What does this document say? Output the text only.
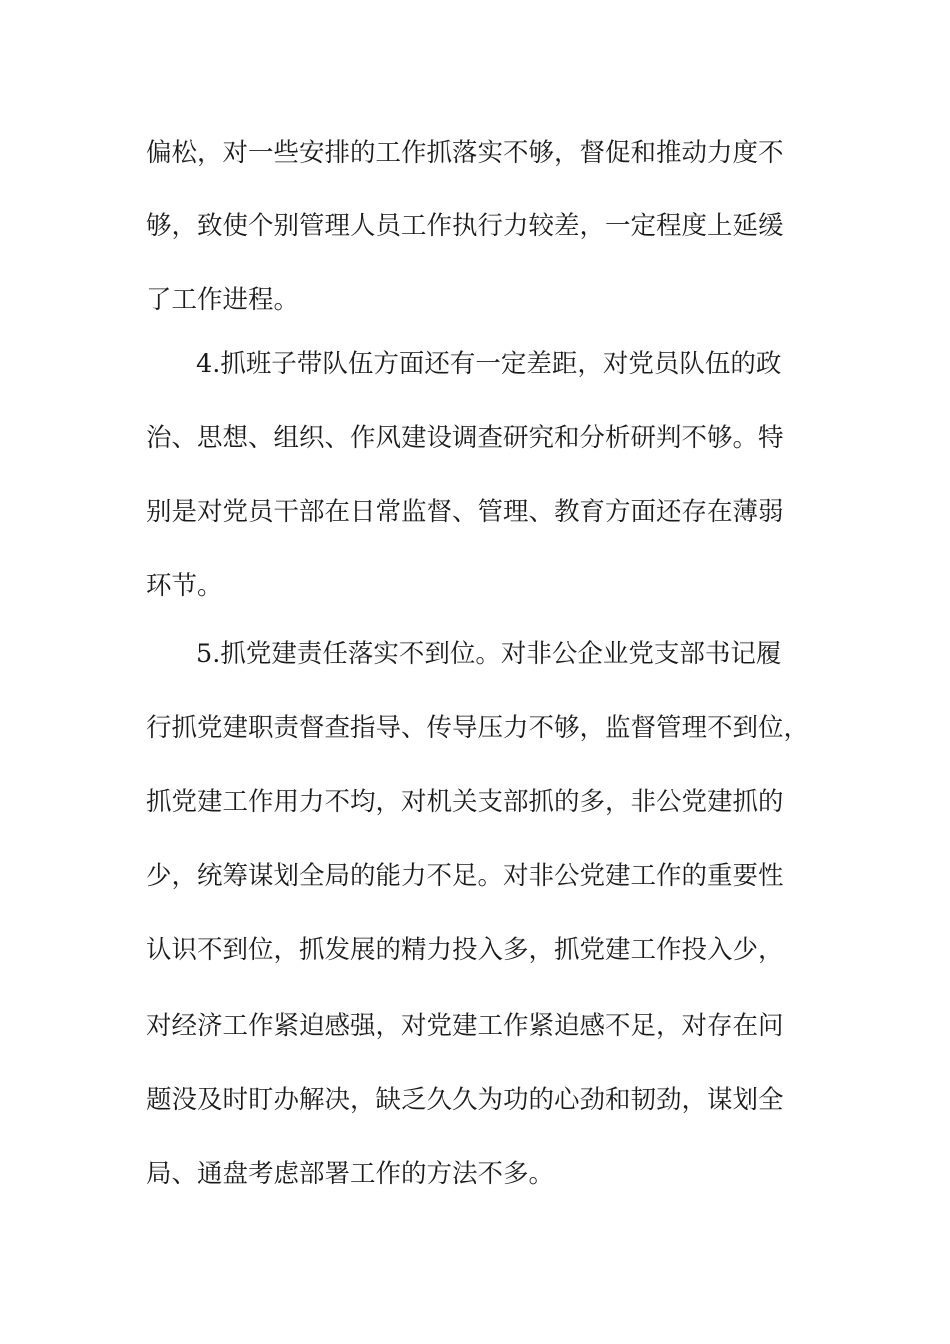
偏松，对一些安排的工作抓落实不够，督促和推动力度不
够，致使个别管理人员工作执行力较差，一定程度上延缓
了工作进程。
4.抓班子带队伍方面还有一定差距，对党员队伍的政
治、思想、组织、作风建设调查研究和分析研判不够。特
别是对党员干部在日常监督、管理、教育方面还存在薄弱
环节。
5.抓党建责任落实不到位。对非公企业党支部书记履
行抓党建职责督查指导、传导压力不够，监督管理不到位，
抓党建工作用力不均，对机关支部抓的多，非公党建抓的
少，统筹谋划全局的能力不足。对非公党建工作的重要性
认识不到位，抓发展的精力投入多，抓党建工作投入少，
对经济工作紧迫感强，对党建工作紧迫感不足，对存在问
题没及时盯办解决，缺乏久久为功的心劲和韧劲，谋划全
局、通盘考虑部署工作的方法不多。
